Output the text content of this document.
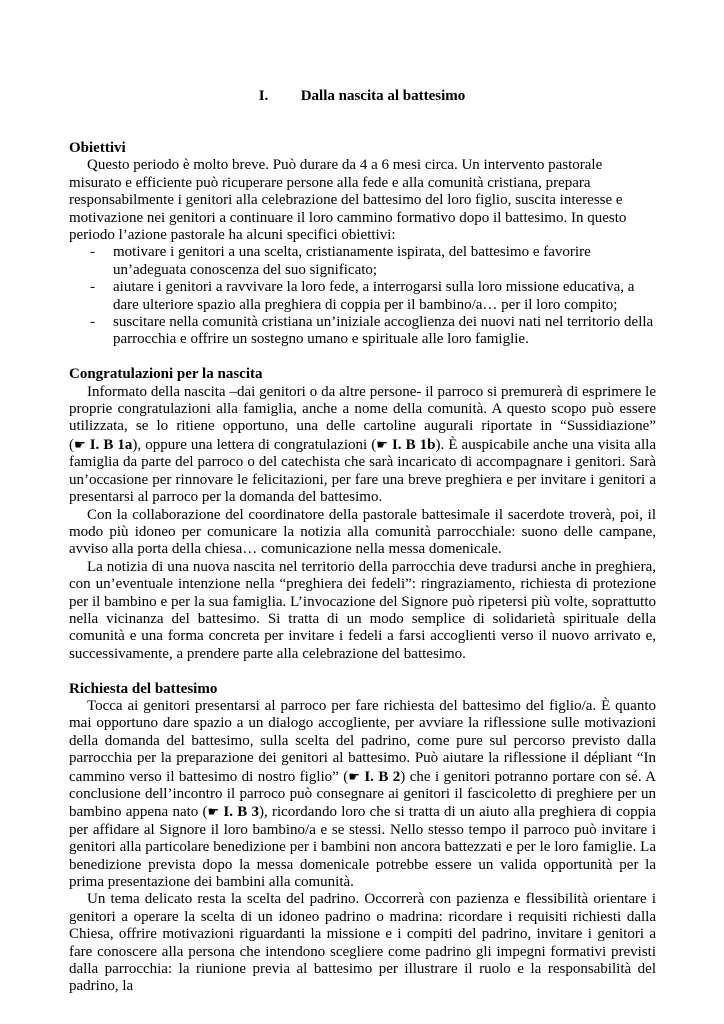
I. Dalla nascita al battesimo
Obiettivi

Questo periodo è molto breve. Può durare da 4 a 6 mesi circa. Un intervento pastorale misurato e efficiente può ricuperare persone alla fede e alla comunità cristiana, prepara responsabilmente i genitori alla celebrazione del battesimo del loro figlio, suscita interesse e motivazione nei genitori a continuare il loro cammino formativo dopo il battesimo. In questo periodo l’azione pastorale ha alcuni specifici obiettivi:

- motivare i genitori a una scelta, cristianamente ispirata, del battesimo e favorire un’adeguata conoscenza del suo significato;
- aiutare i genitori a ravvivare la loro fede, a interrogarsi sulla loro missione educativa, a dare ulteriore spazio alla preghiera di coppia per il bambino/a… per il loro compito;
- suscitare nella comunità cristiana un’iniziale accoglienza dei nuovi nati nel territorio della parrocchia e offrire un sostegno umano e spirituale alle loro famiglie.
Congratulazioni per la nascita

Informato della nascita –dai genitori o da altre persone- il parroco si premurerà di esprimere le proprie congratulazioni alla famiglia, anche a nome della comunità. A questo scopo può essere utilizzata, se lo ritiene opportuno, una delle cartoline augurali riportate in “Sussidiazione” (☛ I. B 1a), oppure una lettera di congratulazioni (☛ I. B 1b). È auspicabile anche una visita alla famiglia da parte del parroco o del catechista che sarà incaricato di accompagnare i genitori. Sarà un’occasione per rinnovare le felicitazioni, per fare una breve preghiera e per invitare i genitori a presentarsi al parroco per la domanda del battesimo.

Con la collaborazione del coordinatore della pastorale battesimale il sacerdote troverà, poi, il modo più idoneo per comunicare la notizia alla comunità parrocchiale: suono delle campane, avviso alla porta della chiesa… comunicazione nella messa domenicale.

La notizia di una nuova nascita nel territorio della parrocchia deve tradursi anche in preghiera, con un’eventuale intenzione nella “preghiera dei fedeli”: ringraziamento, richiesta di protezione per il bambino e per la sua famiglia. L’invocazione del Signore può ripetersi più volte, soprattutto nella vicinanza del battesimo. Si tratta di un modo semplice di solidarietà spirituale della comunità e una forma concreta per invitare i fedeli a farsi accoglienti verso il nuovo arrivato e, successivamente, a prendere parte alla celebrazione del battesimo.

Richiesta del battesimo

Tocca ai genitori presentarsi al parroco per fare richiesta del battesimo del figlio/a. È quanto mai opportuno dare spazio a un dialogo accogliente, per avviare la riflessione sulle motivazioni della domanda del battesimo, sulla scelta del padrino, come pure sul percorso previsto dalla parrocchia per la preparazione dei genitori al battesimo. Può aiutare la riflessione il dépliant “In cammino verso il battesimo di nostro figlio” (☛ I. B 2) che i genitori potranno portare con sé. A conclusione dell’incontro il parroco può consegnare ai genitori il fascicoletto di preghiere per un bambino appena nato (☛ I. B 3), ricordando loro che si tratta di un aiuto alla preghiera di coppia per affidare al Signore il loro bambino/a e se stessi. Nello stesso tempo il parroco può invitare i genitori alla particolare benedizione per i bambini non ancora battezzati e per le loro famiglie. La benedizione prevista dopo la messa domenicale potrebbe essere un valida opportunità per la prima presentazione dei bambini alla comunità.

Un tema delicato resta la scelta del padrino. Occorrerà con pazienza e flessibilità orientare i genitori a operare la scelta di un idoneo padrino o madrina: ricordare i requisiti richiesti dalla Chiesa, offrire motivazioni riguardanti la missione e i compiti del padrino, invitare i genitori a fare conoscere alla persona che intendono scegliere come padrino gli impegni formativi previsti dalla parrocchia: la riunione previa al battesimo per illustrare il ruolo e la responsabilità del padrino, la
